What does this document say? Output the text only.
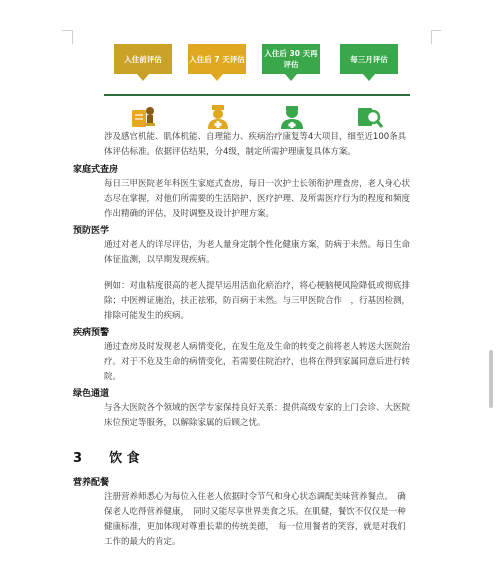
入住前评估	入住后 7 天评估
入住后 30 天再评估
每三月评估
涉及感官机能、肌体机能、自理能力、疾病治疗康复等4大项目，细至近100条具
体评估标准。依据评估结果，分4级，制定所需护理康复具体方案。
家庭式查房
每日三甲医院老年科医生家庭式查房，每日一次护士长领衔护理查房，老人身心状
态尽在掌握，对他们所需要的生活陪护、医疗护理、及所需医疗行为的程度和频度
作出精确的评估，及时调整及设计护理方案。
预防医学
通过对老人的详尽评估，为老人量身定制个性化健康方案，防病于未然。每日生命
体征监测，以早期发现疾病。
例如：对血粘度很高的老人提早运用活血化瘀治疗，将心梗脑梗风险降低或彻底排
除；中医辨证施治，扶正祛邪，防百病于未然。与三甲医院合作　，行基因检测，
排除可能发生的疾病。
疾病预警
通过查房及时发现老人病情变化，在发生危及生命的转变之前将老人转送大医院治
疗。对于不危及生命的病情变化，若需要住院治疗，也将在得到家属同意后进行转
院。
绿色通道
与各大医院各个领域的医学专家保持良好关系：提供高级专家的上门会诊、大医院
床位预定等服务，以解除家属的后顾之忧。
3 饮 食
营养配餐
注册营养师悉心为每位入住老人依据时令节气和身心状态调配美味营养餐点。　确
保老人吃得营养健康，　同时又能尽享世界美食之乐。在肌健，餐饮不仅仅是一种
健康标准，更加体现对尊重长辈的传统美德，　每一位用餐者的笑容，就是对我们
工作的最大的肯定。
